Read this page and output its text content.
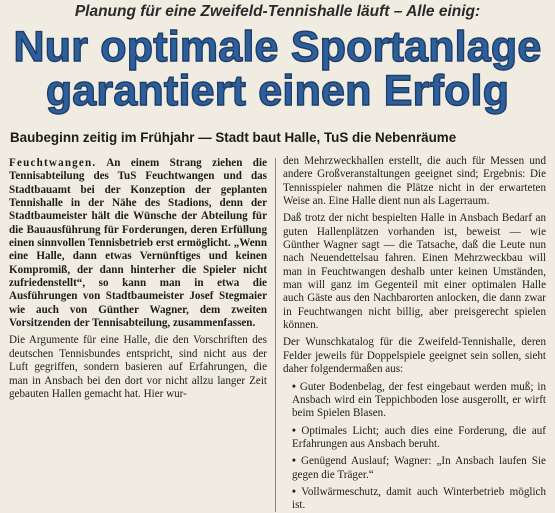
Planung für eine Zweifeld-Tennishalle läuft – Alle einig:
Nur optimale Sportanlage
garantiert einen Erfolg
Baubeginn zeitig im Frühjahr — Stadt baut Halle, TuS die Nebenräume

Feuchtwangen. An einem Strang ziehen die Tennisabteilung des TuS Feuchtwangen und das Stadtbauamt bei der Konzeption der geplanten Tennishalle in der Nähe des Stadions, denn der Stadtbaumeister hält die Wünsche der Abteilung für die Bauausführung für Forderungen, deren Erfüllung einen sinnvollen Tennisbetrieb erst ermöglicht. „Wenn eine Halle, dann etwas Vernünftiges und keinen Kompromiß, der dann hinterher die Spieler nicht zufriedenstellt“, so kann man in etwa die Ausführungen von Stadtbaumeister Josef Stegmaier wie auch von Günther Wagner, dem zweiten Vorsitzenden der Tennisabteilung, zusammenfassen.

Die Argumente für eine Halle, die den Vorschriften des deutschen Tennisbundes entspricht, sind nicht aus der Luft gegriffen, sondern basieren auf Erfahrungen, die man in Ansbach bei den dort vor nicht allzu langer Zeit gebauten Hallen gemacht hat. Hier wur-

den Mehrzweckhallen erstellt, die auch für Messen und andere Großveranstaltungen geeignet sind; Ergebnis: Die Tennisspieler nahmen die Plätze nicht in der erwarteten Weise an. Eine Halle dient nun als Lagerraum.

Daß trotz der nicht bespielten Halle in Ansbach Bedarf an guten Hallenplätzen vorhanden ist, beweist — wie Günther Wagner sagt — die Tatsache, daß die Leute nun nach Neuendettelsau fahren. Einen Mehrzweckbau will man in Feuchtwangen deshalb unter keinen Umständen, man will ganz im Gegenteil mit einer optimalen Halle auch Gäste aus den Nachbarorten anlocken, die dann zwar in Feuchtwangen nicht billig, aber preisgerecht spielen können.

Der Wunschkatalog für die Zweifeld-Tennishalle, deren Felder jeweils für Doppelspiele geeignet sein sollen, sieht daher folgendermaßen aus:

• Guter Bodenbelag, der fest eingebaut werden muß; in Ansbach wird ein Teppichboden lose ausgerollt, er wirft beim Spielen Blasen.

• Optimales Licht; auch dies eine Forderung, die auf Erfahrungen aus Ansbach beruht.

• Genügend Auslauf; Wagner: „In Ansbach laufen Sie gegen die Träger.“

• Vollwärmeschutz, damit auch Winterbetrieb möglich ist.
